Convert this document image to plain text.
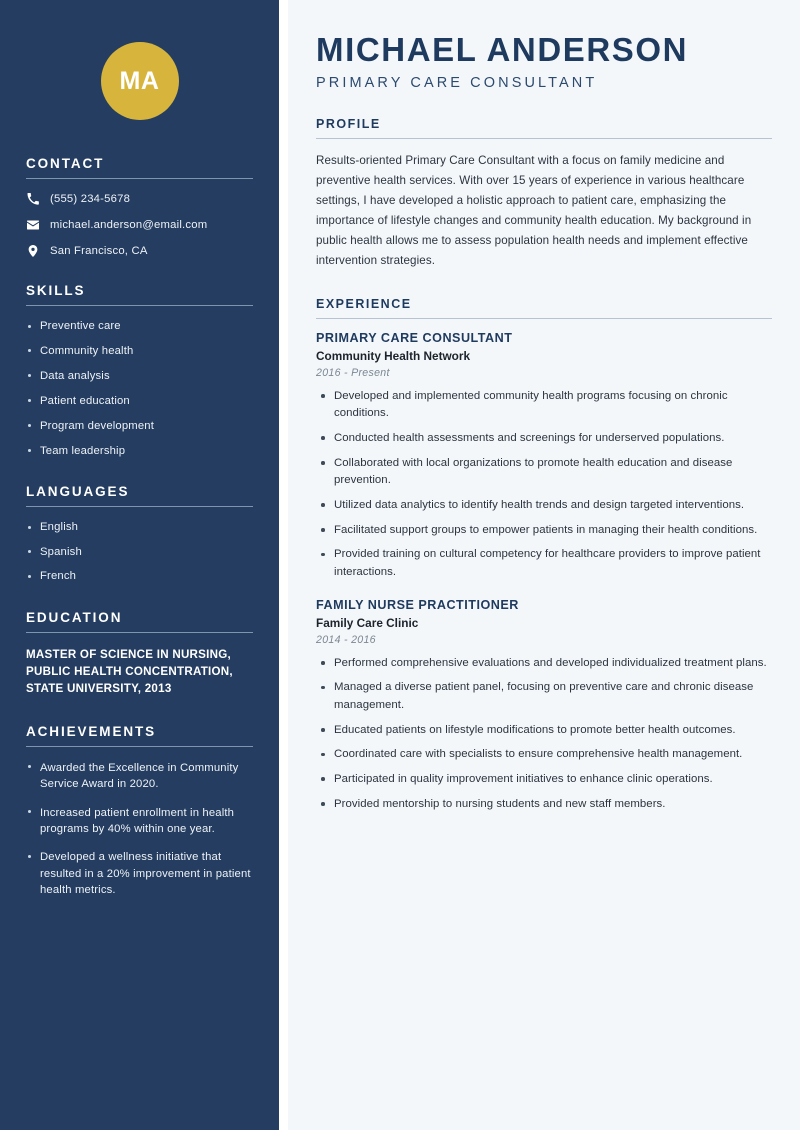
MA
CONTACT
(555) 234-5678
michael.anderson@email.com
San Francisco, CA
SKILLS
Preventive care
Community health
Data analysis
Patient education
Program development
Team leadership
LANGUAGES
English
Spanish
French
EDUCATION
MASTER OF SCIENCE IN NURSING, PUBLIC HEALTH CONCENTRATION, STATE UNIVERSITY, 2013
ACHIEVEMENTS
Awarded the Excellence in Community Service Award in 2020.
Increased patient enrollment in health programs by 40% within one year.
Developed a wellness initiative that resulted in a 20% improvement in patient health metrics.
MICHAEL ANDERSON
PRIMARY CARE CONSULTANT
PROFILE

Results-oriented Primary Care Consultant with a focus on family medicine and preventive health services. With over 15 years of experience in various healthcare settings, I have developed a holistic approach to patient care, emphasizing the importance of lifestyle changes and community health education. My background in public health allows me to assess population health needs and implement effective intervention strategies.

EXPERIENCE
PRIMARY CARE CONSULTANT
Community Health Network
2016 - Present
Developed and implemented community health programs focusing on chronic conditions.
Conducted health assessments and screenings for underserved populations.
Collaborated with local organizations to promote health education and disease prevention.
Utilized data analytics to identify health trends and design targeted interventions.
Facilitated support groups to empower patients in managing their health conditions.
Provided training on cultural competency for healthcare providers to improve patient interactions.
FAMILY NURSE PRACTITIONER
Family Care Clinic
2014 - 2016
Performed comprehensive evaluations and developed individualized treatment plans.
Managed a diverse patient panel, focusing on preventive care and chronic disease management.
Educated patients on lifestyle modifications to promote better health outcomes.
Coordinated care with specialists to ensure comprehensive health management.
Participated in quality improvement initiatives to enhance clinic operations.
Provided mentorship to nursing students and new staff members.
